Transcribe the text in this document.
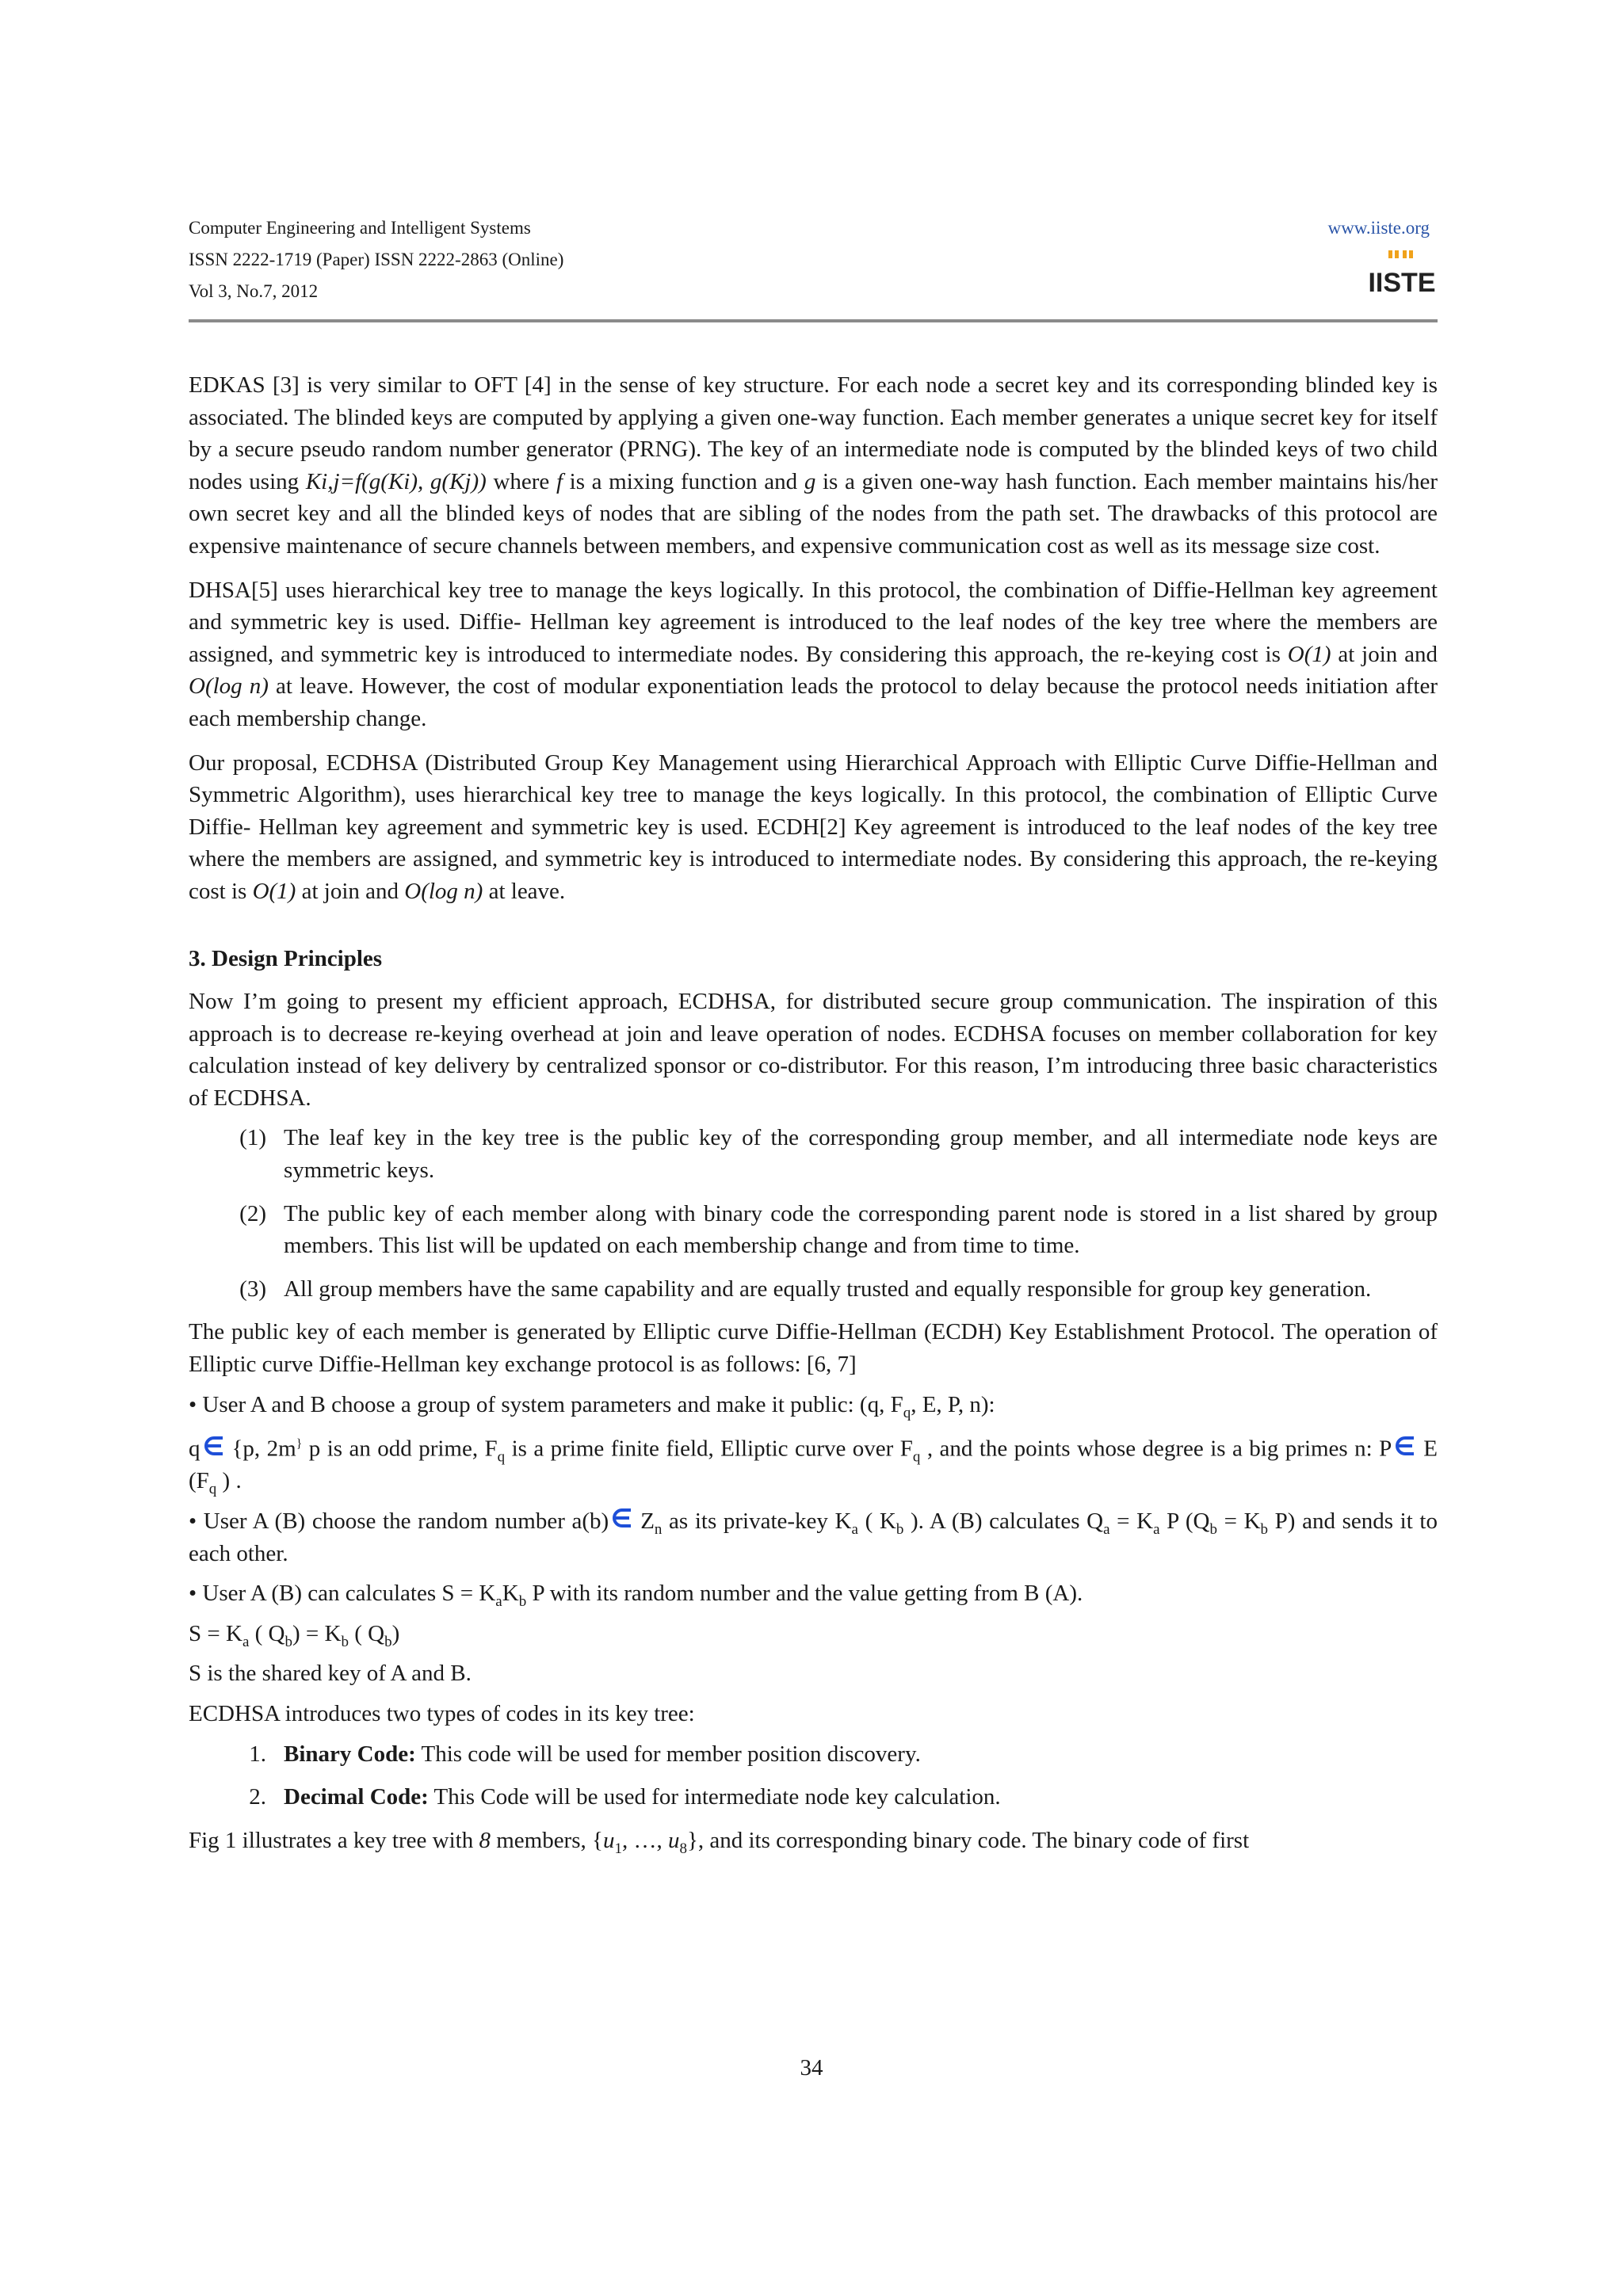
Computer Engineering and Intelligent Systems
ISSN 2222-1719 (Paper) ISSN 2222-2863 (Online)
Vol 3, No.7, 2012
www.iiste.org
IISTE

EDKAS [3] is very similar to OFT [4] in the sense of key structure. For each node a secret key and its corresponding blinded key is associated. The blinded keys are computed by applying a given one-way function. Each member generates a unique secret key for itself by a secure pseudo random number generator (PRNG). The key of an intermediate node is computed by the blinded keys of two child nodes using Ki,j=f(g(Ki), g(Kj)) where f is a mixing function and g is a given one-way hash function. Each member maintains his/her own secret key and all the blinded keys of nodes that are sibling of the nodes from the path set. The drawbacks of this protocol are expensive maintenance of secure channels between members, and expensive communication cost as well as its message size cost.

DHSA[5] uses hierarchical key tree to manage the keys logically. In this protocol, the combination of Diffie-Hellman key agreement and symmetric key is used. Diffie- Hellman key agreement is introduced to the leaf nodes of the key tree where the members are assigned, and symmetric key is introduced to intermediate nodes. By considering this approach, the re-keying cost is O(1) at join and O(log n) at leave. However, the cost of modular exponentiation leads the protocol to delay because the protocol needs initiation after each membership change.

Our proposal, ECDHSA (Distributed Group Key Management using Hierarchical Approach with Elliptic Curve Diffie-Hellman and Symmetric Algorithm), uses hierarchical key tree to manage the keys logically. In this protocol, the combination of Elliptic Curve Diffie- Hellman key agreement and symmetric key is used. ECDH[2] Key agreement is introduced to the leaf nodes of the key tree where the members are assigned, and symmetric key is introduced to intermediate nodes. By considering this approach, the re-keying cost is O(1) at join and O(log n) at leave.

3. Design Principles

Now I’m going to present my efficient approach, ECDHSA, for distributed secure group communication. The inspiration of this approach is to decrease re-keying overhead at join and leave operation of nodes. ECDHSA focuses on member collaboration for key calculation instead of key delivery by centralized sponsor or co-distributor. For this reason, I’m introducing three basic characteristics of ECDHSA.

(1) The leaf key in the key tree is the public key of the corresponding group member, and all intermediate node keys are symmetric keys.
(2) The public key of each member along with binary code the corresponding parent node is stored in a list shared by group members. This list will be updated on each membership change and from time to time.
(3) All group members have the same capability and are equally trusted and equally responsible for group key generation.

The public key of each member is generated by Elliptic curve Diffie-Hellman (ECDH) Key Establishment Protocol. The operation of Elliptic curve Diffie-Hellman key exchange protocol is as follows: [6, 7]

• User A and B choose a group of system parameters and make it public: (q, $F_q$, E, P, n):

q {p, 2m} p is an odd prime, $F_q$ is a prime finite field, Elliptic curve over $F_q$ , and the points whose degree is a big primes n: P E ($F_q$ ) .

• User A (B) choose the random number a(b) $Z_n$ as its private-key $K_a$ ( $K_b$ ). A (B) calculates $Q_a = K_a$ P ($Q_b = K_b$ P) and sends it to each other.

• User A (B) can calculates $S = K_aK_b$ P with its random number and the value getting from B (A).

$S = K_a$ ( $Q_b) = K_b$ ( $Q_b$)

S is the shared key of A and B.

ECDHSA introduces two types of codes in its key tree:

1. Binary Code: This code will be used for member position discovery.
2. Decimal Code: This Code will be used for intermediate node key calculation.

Fig 1 illustrates a key tree with 8 members, {$u_1$, …, $u_8$}, and its corresponding binary code. The binary code of first

34
